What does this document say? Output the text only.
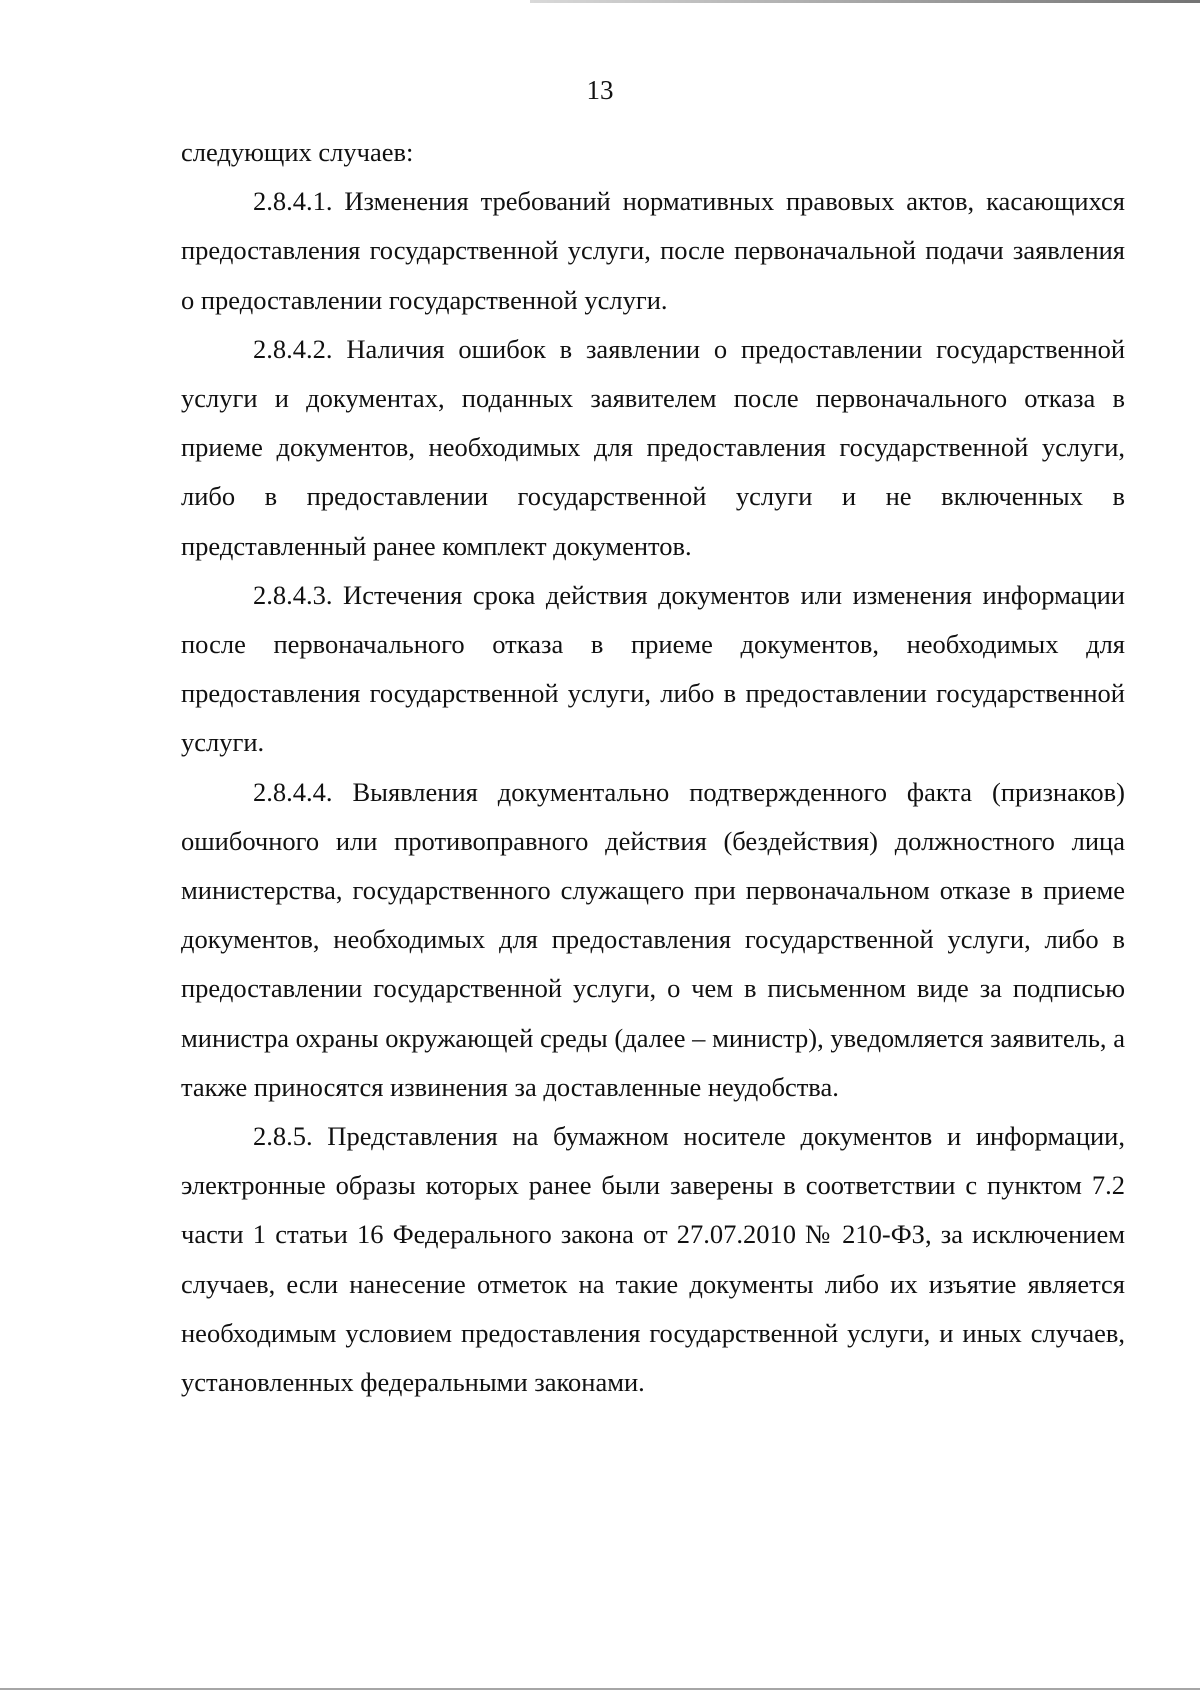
13

следующих случаев:

2.8.4.1. Изменения требований нормативных правовых актов, касающихся предоставления государственной услуги, после первоначальной подачи заявления о предоставлении государственной услуги.

2.8.4.2. Наличия ошибок в заявлении о предоставлении государственной услуги и документах, поданных заявителем после первоначального отказа в приеме документов, необходимых для предоставления государственной услуги, либо в предоставлении государственной услуги и не включенных в представленный ранее комплект документов.

2.8.4.3. Истечения срока действия документов или изменения информации после первоначального отказа в приеме документов, необходимых для предоставления государственной услуги, либо в предоставлении государственной услуги.

2.8.4.4. Выявления документально подтвержденного факта (признаков) ошибочного или противоправного действия (бездействия) должностного лица министерства, государственного служащего при первоначальном отказе в приеме документов, необходимых для предоставления государственной услуги, либо в предоставлении государственной услуги, о чем в письменном виде за подписью министра охраны окружающей среды (далее – министр), уведомляется заявитель, а также приносятся извинения за доставленные неудобства.

2.8.5. Представления на бумажном носителе документов и информации, электронные образы которых ранее были заверены в соответствии с пунктом 7.2 части 1 статьи 16 Федерального закона от 27.07.2010 № 210-ФЗ, за исключением случаев, если нанесение отметок на такие документы либо их изъятие является необходимым условием предоставления государственной услуги, и иных случаев, установленных федеральными законами.
